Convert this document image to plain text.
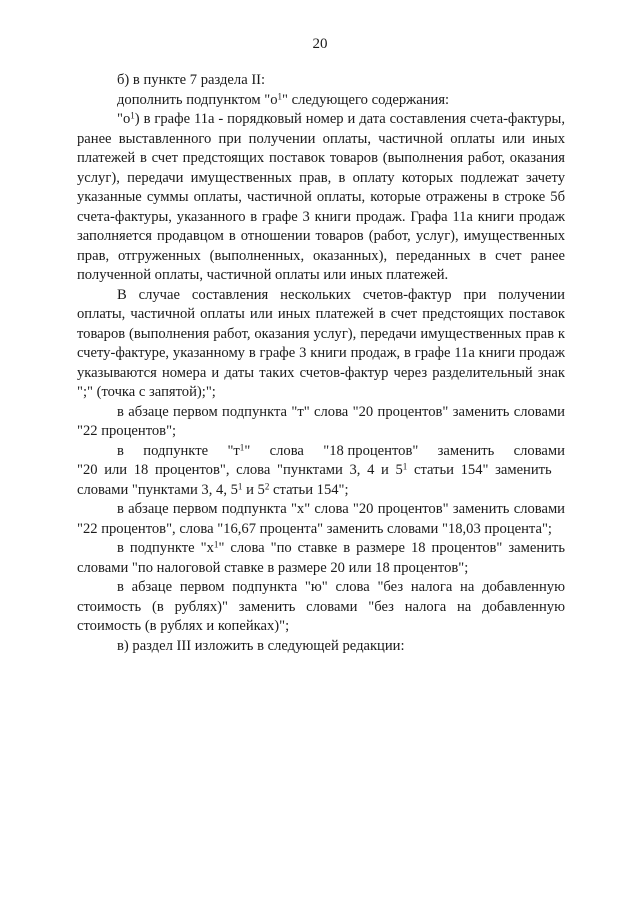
20

б) в пункте 7 раздела II:

дополнить подпунктом "$о^1$" следующего содержания:

"$о^1$) в графе 11а - порядковый номер и дата составления счета-фактуры, ранее выставленного при получении оплаты, частичной оплаты или иных платежей в счет предстоящих поставок товаров (выполнения работ, оказания услуг), передачи имущественных прав, в оплату которых подлежат зачету указанные суммы оплаты, частичной оплаты, которые отражены в строке 5б счета-фактуры, указанного в графе 3 книги продаж. Графа 11а книги продаж заполняется продавцом в отношении товаров (работ, услуг), имущественных прав, отгруженных (выполненных, оказанных), переданных в счет ранее полученной оплаты, частичной оплаты или иных платежей.

В случае составления нескольких счетов-фактур при получении оплаты, частичной оплаты или иных платежей в счет предстоящих поставок товаров (выполнения работ, оказания услуг), передачи имущественных прав к счету-фактуре, указанному в графе 3 книги продаж, в графе 11а книги продаж указываются номера и даты таких счетов-фактур через разделительный знак ";" (точка с запятой);";

в абзаце первом подпункта "т" слова "20 процентов" заменить словами "22 процентов";

в подпункте "$т^1$" слова "18 процентов" заменить словами
"20 или 18 процентов", слова "пунктами 3, 4 и $5^1$ статьи 154" заменить
словами "пунктами 3, 4, $5^1$ и $5^2$ статьи 154";

в абзаце первом подпункта "х" слова "20 процентов" заменить словами "22 процентов", слова "16,67 процента" заменить словами "18,03 процента";

в подпункте "$х^1$" слова "по ставке в размере 18 процентов" заменить словами "по налоговой ставке в размере 20 или 18 процентов";

в абзаце первом подпункта "ю" слова "без налога на добавленную стоимость (в рублях)" заменить словами "без налога на добавленную стоимость (в рублях и копейках)";

в) раздел III изложить в следующей редакции:
